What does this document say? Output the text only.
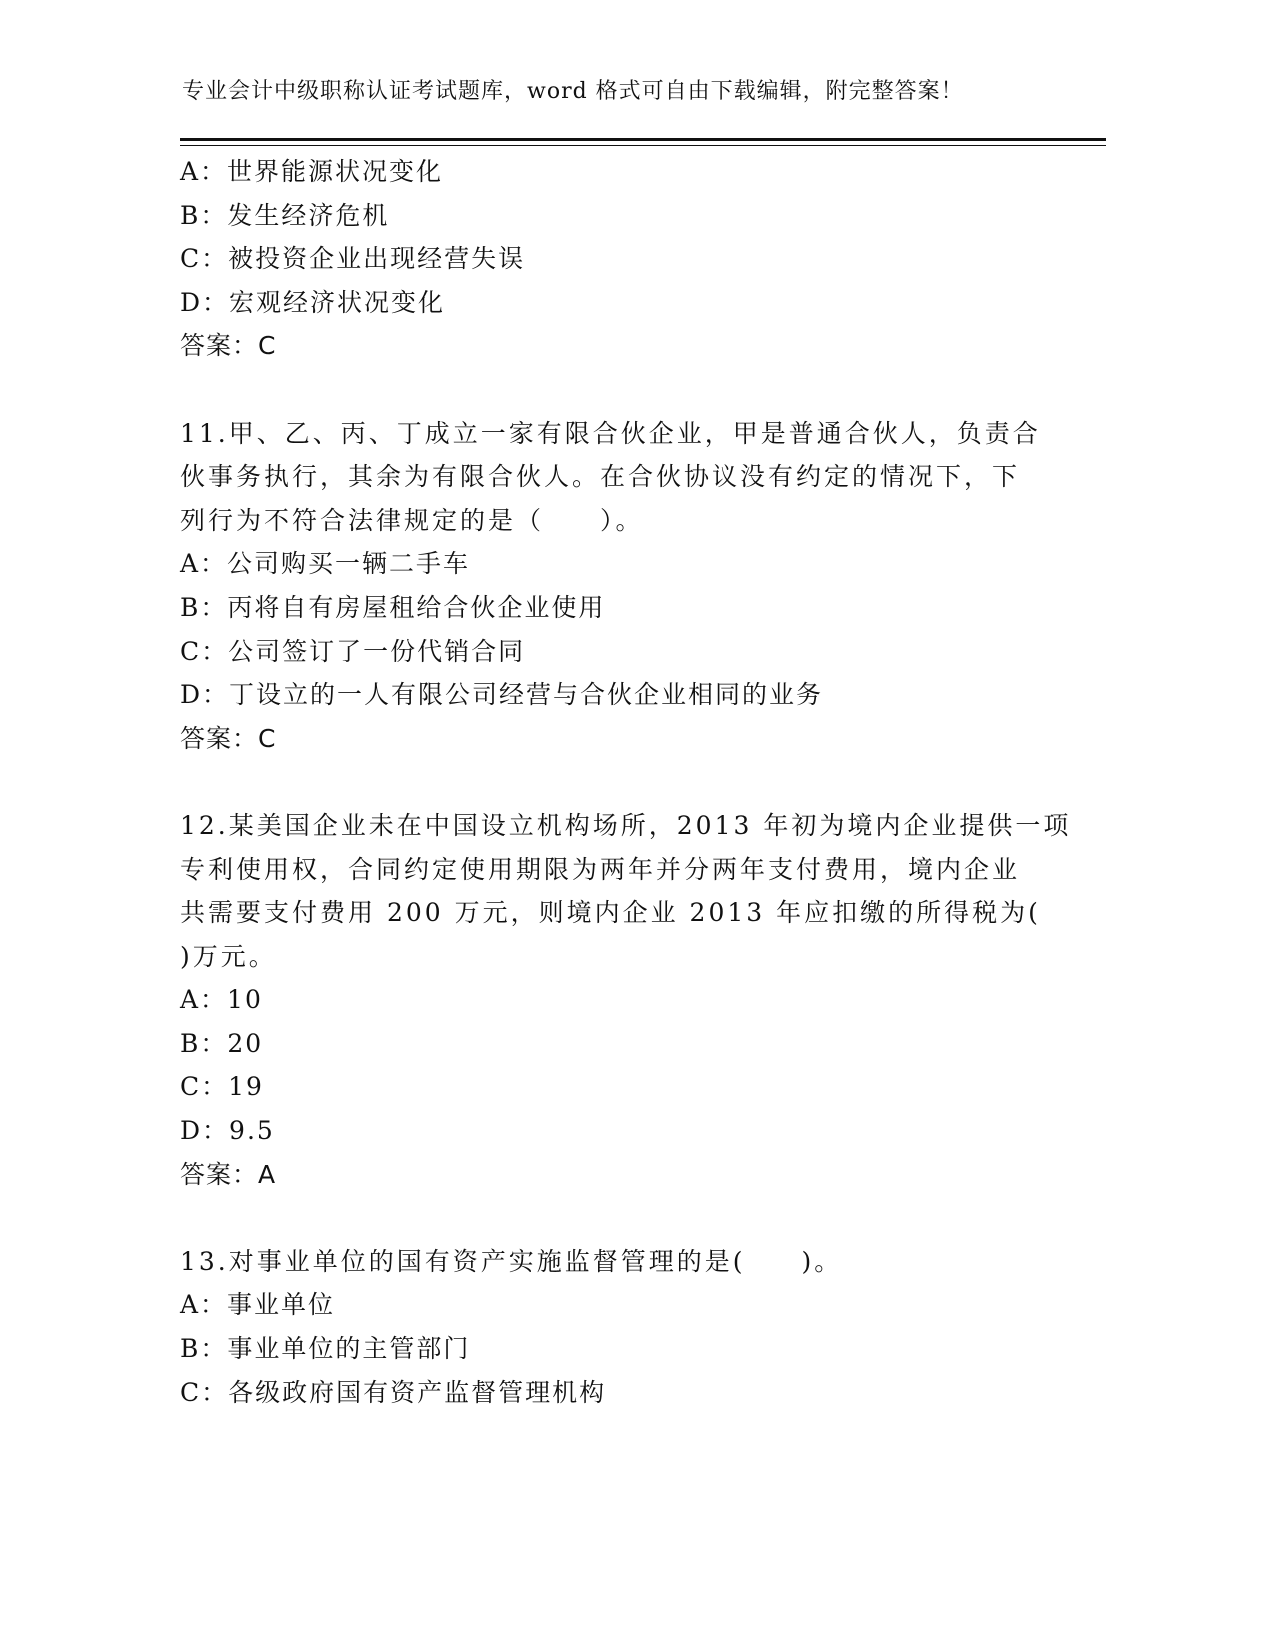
专业会计中级职称认证考试题库，word 格式可自由下载编辑，附完整答案！
A：世界能源状况变化
B：发生经济危机
C：被投资企业出现经营失误
D：宏观经济状况变化
答案：C
11.甲、乙、丙、丁成立一家有限合伙企业，甲是普通合伙人，负责合
伙事务执行，其余为有限合伙人。在合伙协议没有约定的情况下，下
列行为不符合法律规定的是（　　）。
A：公司购买一辆二手车
B：丙将自有房屋租给合伙企业使用
C：公司签订了一份代销合同
D：丁设立的一人有限公司经营与合伙企业相同的业务
答案：C
12.某美国企业未在中国设立机构场所，2013 年初为境内企业提供一项
专利使用权，合同约定使用期限为两年并分两年支付费用，境内企业
共需要支付费用 200 万元，则境内企业 2013 年应扣缴的所得税为(
)万元。
A：10
B：20
C：19
D：9.5
答案：A
13.对事业单位的国有资产实施监督管理的是(　　)。
A：事业单位
B：事业单位的主管部门
C：各级政府国有资产监督管理机构
